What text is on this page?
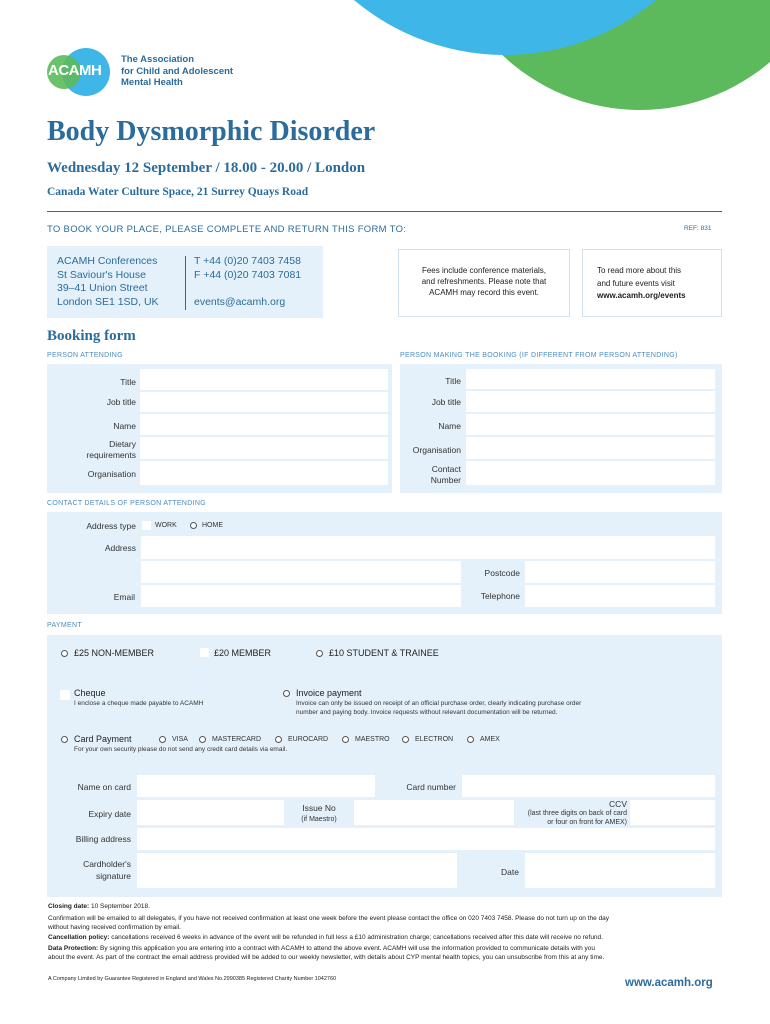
ACAMH
The Association
for Child and Adolescent
Mental Health
Body Dysmorphic Disorder
Wednesday 12 September / 18.00 - 20.00 / London
Canada Water Culture Space, 21 Surrey Quays Road
TO BOOK YOUR PLACE, PLEASE COMPLETE AND RETURN THIS FORM TO:	REF: 831
ACAMH Conferences
St Saviour's House
39–41 Union Street
London SE1 1SD, UK
T +44 (0)20 7403 7458
F +44 (0)20 7403 7081
events@acamh.org
Fees include conference materials,
and refreshments. Please note that
ACAMH may record this event.
To read more about this
and future events visit
www.acamh.org/events
Booking form
PERSON ATTENDING	PERSON MAKING THE BOOKING (IF DIFFERENT FROM PERSON ATTENDING)
Title
Job title
Name
Dietary
requirements
Organisation
Title
Job title
Name
Organisation
Contact
Number
CONTACT DETAILS OF PERSON ATTENDING
Address type	WORK	HOME
Address
Postcode
Email	Telephone
PAYMENT
£25 NON-MEMBER	£20 MEMBER	£10 STUDENT & TRAINEE
Cheque
I enclose a cheque made payable to ACAMH
Invoice payment
Invoice can only be issued on receipt of an official purchase order, clearly indicating purchase order
number and paying body. Invoice requests without relevant documentation will be returned.
Card Payment	VISA	MASTERCARD	EUROCARD	MAESTRO	ELECTRON	AMEX
For your own security please do not send any credit card details via email.
Name on card	Card number
Expiry date
Issue No
(if Maestro)
CCV
(last three digits on back of card
or four on front for AMEX)
Billing address
Cardholder's
signature	Date
Closing date: 10 September 2018.
Confirmation will be emailed to all delegates, if you have not received confirmation at least one week before the event please contact the office on 020 7403 7458. Please do not turn up on the day
without having received confirmation by email.
Cancellation policy: cancellations received 6 weeks in advance of the event will be refunded in full less a £10 administration charge; cancellations received after this date will receive no refund.
Data Protection: By signing this application you are entering into a contract with ACAMH to attend the above event. ACAMH will use the information provided to communicate details with you
about the event. As part of the contract the email address provided will be added to our weekly newsletter, with details about CYP mental health topics, you can unsubscribe from this at any time.
A Company Limited by Guarantee Registered in England and Wales No.2990385 Registered Charity Number 1042760	www.acamh.org
